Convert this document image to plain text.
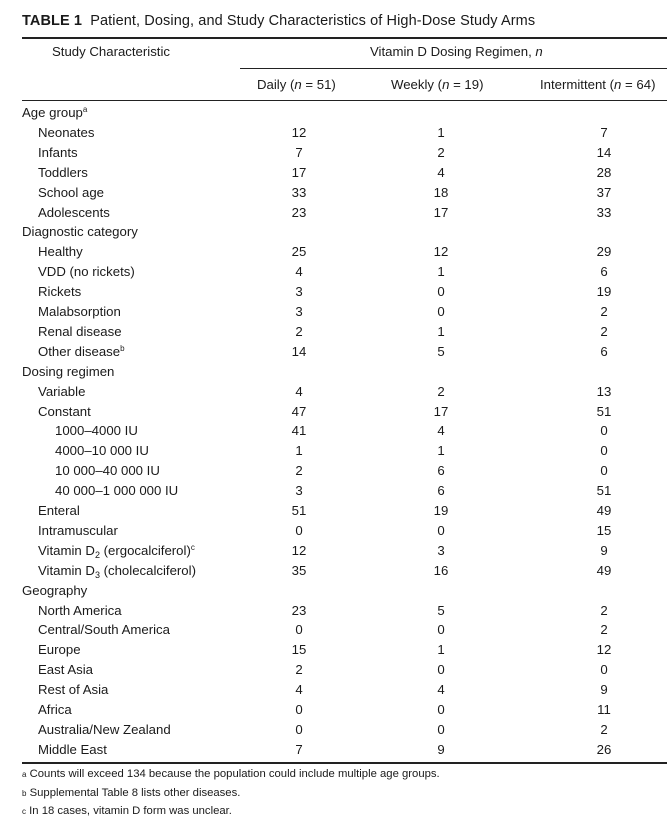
TABLE 1 Patient, Dosing, and Study Characteristics of High-Dose Study Arms
Study Characteristic	Vitamin D Dosing Regimen, n
Daily (n = 51)	Weekly (n = 19)	Intermittent (n = 64)
Age group$^a$
Neonates	12	1	7
Infants	7	2	14
Toddlers	17	4	28
School age	33	18	37
Adolescents	23	17	33
Diagnostic category
Healthy	25	12	29
VDD (no rickets)	4	1	6
Rickets	3	0	19
Malabsorption	3	0	2
Renal disease	2	1	2
Other disease$^b$	14	5	6
Dosing regimen
Variable	4	2	13
Constant	47	17	51
1000–4000 IU	41	4	0
4000–10 000 IU	1	1	0
10 000–40 000 IU	2	6	0
40 000–1 000 000 IU	3	6	51
Enteral	51	19	49
Intramuscular	0	0	15
Vitamin $D_2$ (ergocalciferol)$^c$	12	3	9
Vitamin $D_3$ (cholecalciferol)	35	16	49
Geography
North America	23	5	2
Central/South America	0	0	2
Europe	15	1	12
East Asia	2	0	0
Rest of Asia	4	4	9
Africa	0	0	11
Australia/New Zealand	0	0	2
Middle East	7	9	26
a Counts will exceed 134 because the population could include multiple age groups.
b Supplemental Table 8 lists other diseases.
c In 18 cases, vitamin D form was unclear.
